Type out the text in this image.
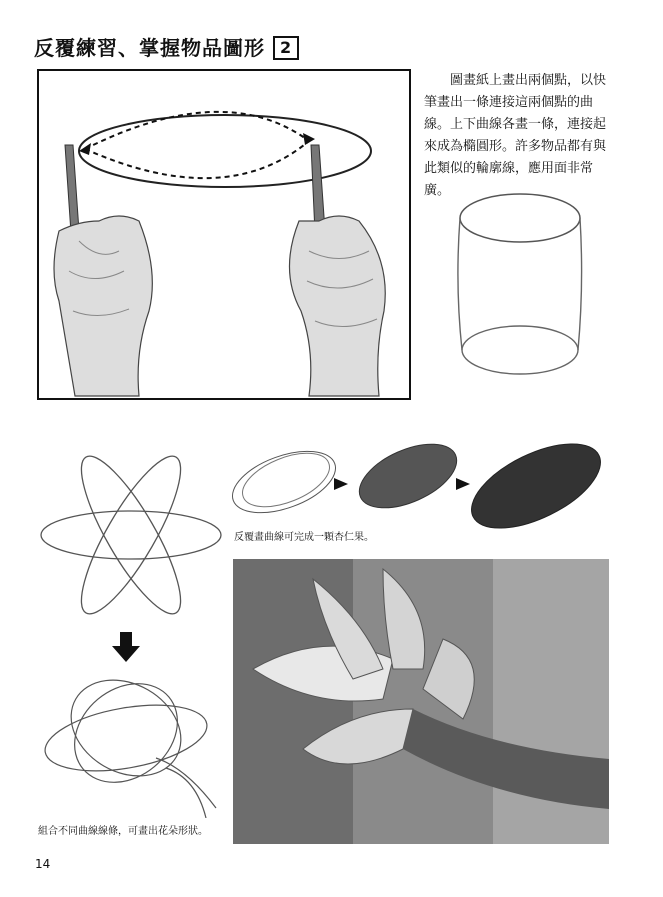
反覆練習、掌握物品圖形 2
圖畫紙上畫出兩個點，以快筆畫出一條連接這兩個點的曲線。上下曲線各畫一條，連接起來成為橢圓形。許多物品都有與此類似的輪廓線，應用面非常廣。
反覆畫曲線可完成一顆杏仁果。
組合不同曲線線條，可畫出花朵形狀。
14
